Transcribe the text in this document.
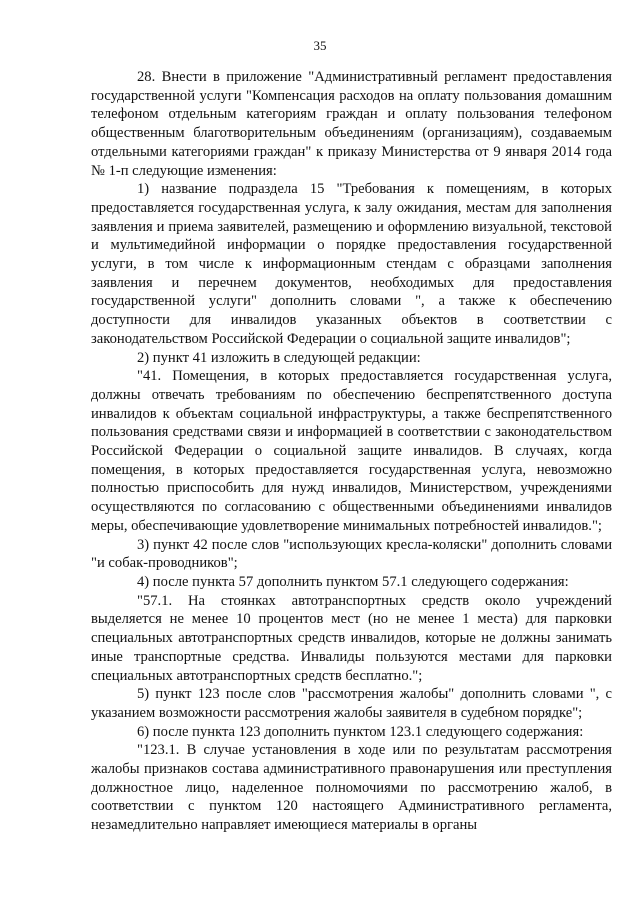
35

28. Внести в приложение "Административный регламент предоставления государственной услуги "Компенсация расходов на оплату пользования домашним телефоном отдельным категориям граждан и оплату пользования телефоном общественным благотворительным объединениям (организациям), создаваемым отдельными категориями граждан" к приказу Министерства от 9 января 2014 года № 1-п следующие изменения:

1) название подраздела 15 "Требования к помещениям, в которых предоставляется государственная услуга, к залу ожидания, местам для заполнения заявления и приема заявителей, размещению и оформлению визуальной, текстовой и мультимедийной информации о порядке предоставления государственной услуги, в том числе к информационным стендам с образцами заполнения заявления и перечнем документов, необходимых для предоставления государственной услуги" дополнить словами ", а также к обеспечению доступности для инвалидов указанных объектов в соответствии с законодательством Российской Федерации о социальной защите инвалидов";

2) пункт 41 изложить в следующей редакции:

"41. Помещения, в которых предоставляется государственная услуга, должны отвечать требованиям по обеспечению беспрепятственного доступа инвалидов к объектам социальной инфраструктуры, а также беспрепятственного пользования средствами связи и информацией в соответствии с законодательством Российской Федерации о социальной защите инвалидов. В случаях, когда помещения, в которых предоставляется государственная услуга, невозможно полностью приспособить для нужд инвалидов, Министерством, учреждениями осуществляются по согласованию с общественными объединениями инвалидов меры, обеспечивающие удовлетворение минимальных потребностей инвалидов.";

3) пункт 42 после слов "использующих кресла-коляски" дополнить словами "и собак-проводников";

4) после пункта 57 дополнить пунктом 57.1 следующего содержания:

"57.1. На стоянках автотранспортных средств около учреждений выделяется не менее 10 процентов мест (но не менее 1 места) для парковки специальных автотранспортных средств инвалидов, которые не должны занимать иные транспортные средства. Инвалиды пользуются местами для парковки специальных автотранспортных средств бесплатно.";

5) пункт 123 после слов "рассмотрения жалобы" дополнить словами ", с указанием возможности рассмотрения жалобы заявителя в судебном порядке";

6) после пункта 123 дополнить пунктом 123.1 следующего содержания:

"123.1. В случае установления в ходе или по результатам рассмотрения жалобы признаков состава административного правонарушения или преступления должностное лицо, наделенное полномочиями по рассмотрению жалоб, в соответствии с пунктом 120 настоящего Административного регламента, незамедлительно направляет имеющиеся материалы в органы
